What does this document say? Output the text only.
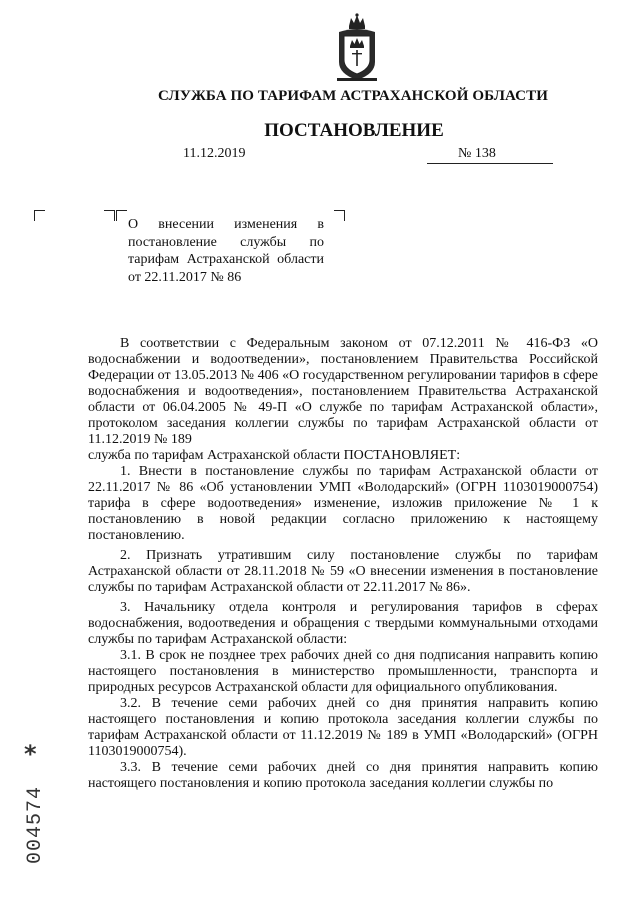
СЛУЖБА ПО ТАРИФАМ АСТРАХАНСКОЙ ОБЛАСТИ
ПОСТАНОВЛЕНИЕ
11.12.2019	№ 138
О внесении изменения в постановление службы по тарифам Астраханской области от 22.11.2017 № 86

В соответствии с Федеральным законом от 07.12.2011 № 416-ФЗ «О водоснабжении и водоотведении», постановлением Правительства Российской Федерации от 13.05.2013 № 406 «О государственном регулировании тарифов в сфере водоснабжения и водоотведения», постановлением Правительства Астраханской области от 06.04.2005 № 49-П «О службе по тарифам Астраханской области», протоколом заседания коллегии службы по тарифам Астраханской области от 11.12.2019 № 189

служба по тарифам Астраханской области ПОСТАНОВЛЯЕТ:

1. Внести в постановление службы по тарифам Астраханской области от 22.11.2017 № 86 «Об установлении УМП «Володарский» (ОГРН 1103019000754) тарифа в сфере водоотведения» изменение, изложив приложение № 1 к постановлению в новой редакции согласно приложению к настоящему постановлению.

2. Признать утратившим силу постановление службы по тарифам Астраханской области от 28.11.2018 № 59 «О внесении изменения в постановление службы по тарифам Астраханской области от 22.11.2017 № 86».

3. Начальнику отдела контроля и регулирования тарифов в сферах водоснабжения, водоотведения и обращения с твердыми коммунальными отходами службы по тарифам Астраханской области:

3.1. В срок не позднее трех рабочих дней со дня подписания направить копию настоящего постановления в министерство промышленности, транспорта и природных ресурсов Астраханской области для официального опубликования.

3.2. В течение семи рабочих дней со дня принятия направить копию настоящего постановления и копию протокола заседания коллегии службы по тарифам Астраханской области от 11.12.2019 № 189 в УМП «Володарский» (ОГРН 1103019000754).

3.3. В течение семи рабочих дней со дня принятия направить копию настоящего постановления и копию протокола заседания коллегии службы по

*
004574
